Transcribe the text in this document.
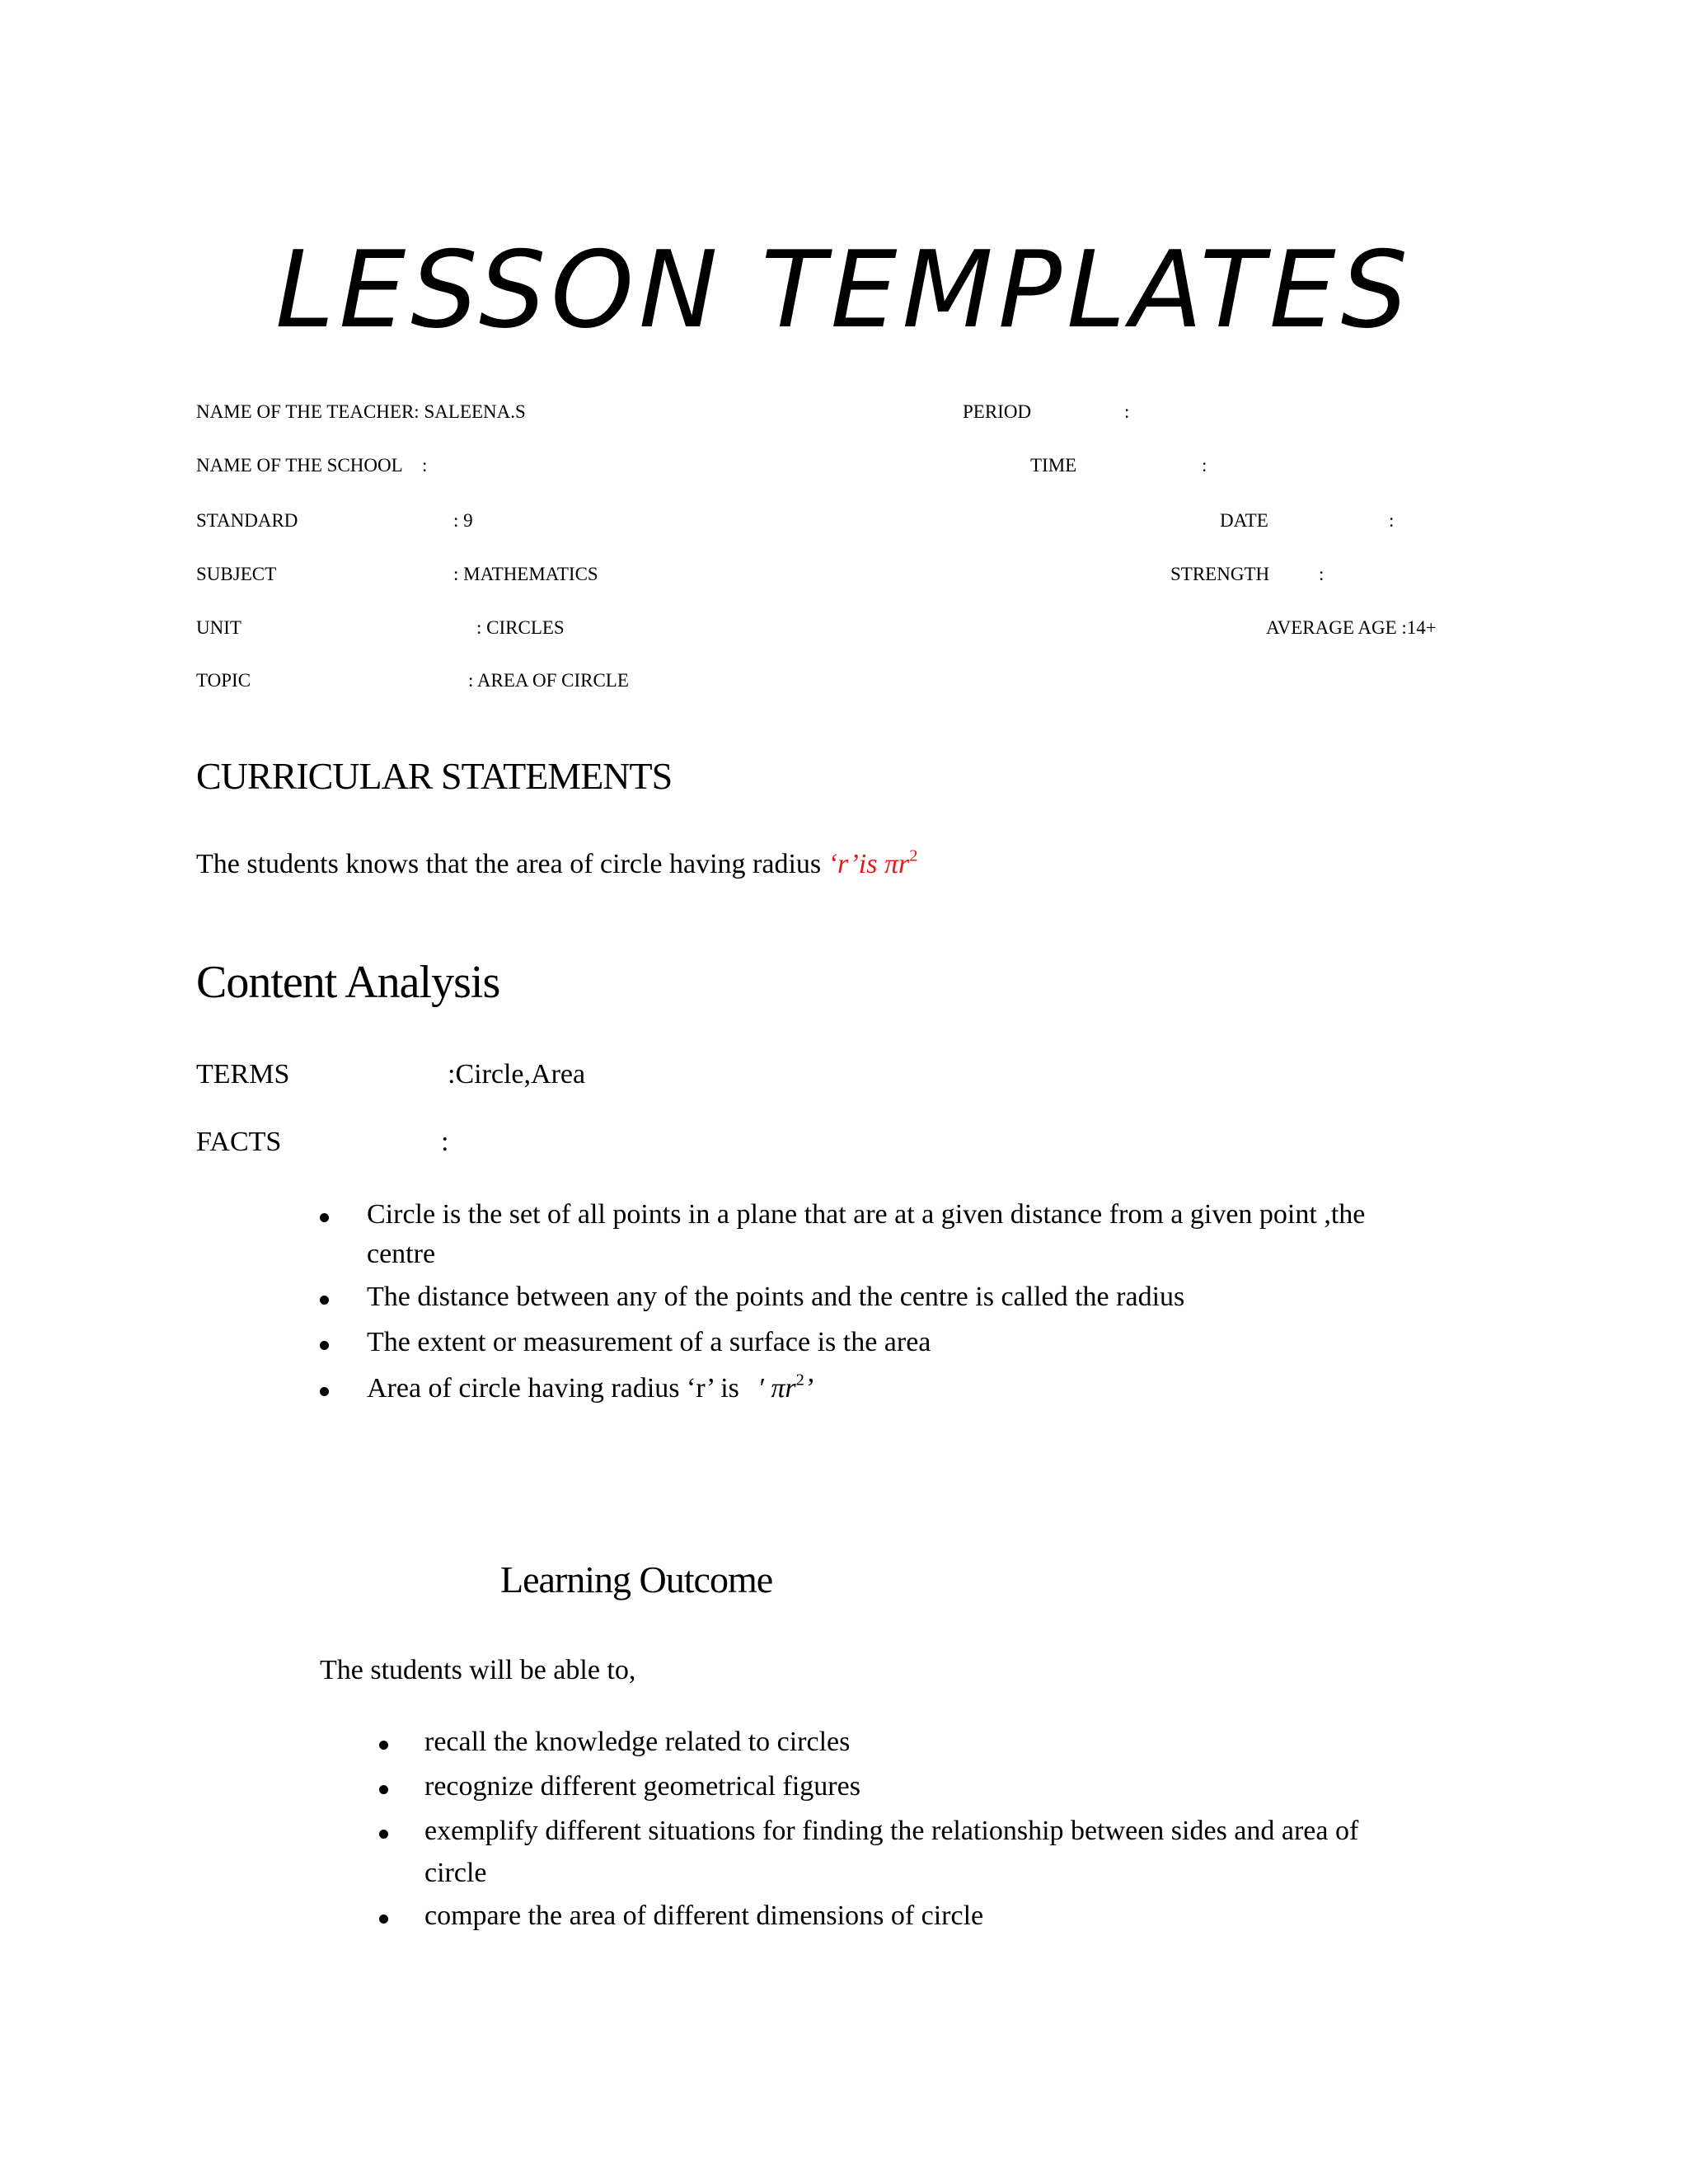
LESSON TEMPLATES
NAME OF THE TEACHER: SALEENA.S
NAME OF THE SCHOOL :
STANDARD	: 9
SUBJECT	: MATHEMATICS
UNIT	: CIRCLES
TOPIC	: AREA OF CIRCLE
PERIOD	:
TIME	:
DATE	:
STRENGTH	:
AVERAGE AGE :14+
CURRICULAR STATEMENTS
The students knows that the area of circle having radius ‘r’is $\pi r^2$
Content Analysis
TERMS	:Circle,Area
FACTS	:
Circle is the set of all points in a plane that are at a given distance from a given point ,the
centre
The distance between any of the points and the centre is called the radius
The extent or measurement of a surface is the area
Area of circle having radius ‘r’ is ′ $\pi r^2$’
Learning Outcome
The students will be able to,
recall the knowledge related to circles
recognize different geometrical figures
exemplify different situations for finding the relationship between sides and area of
circle
compare the area of different dimensions of circle
